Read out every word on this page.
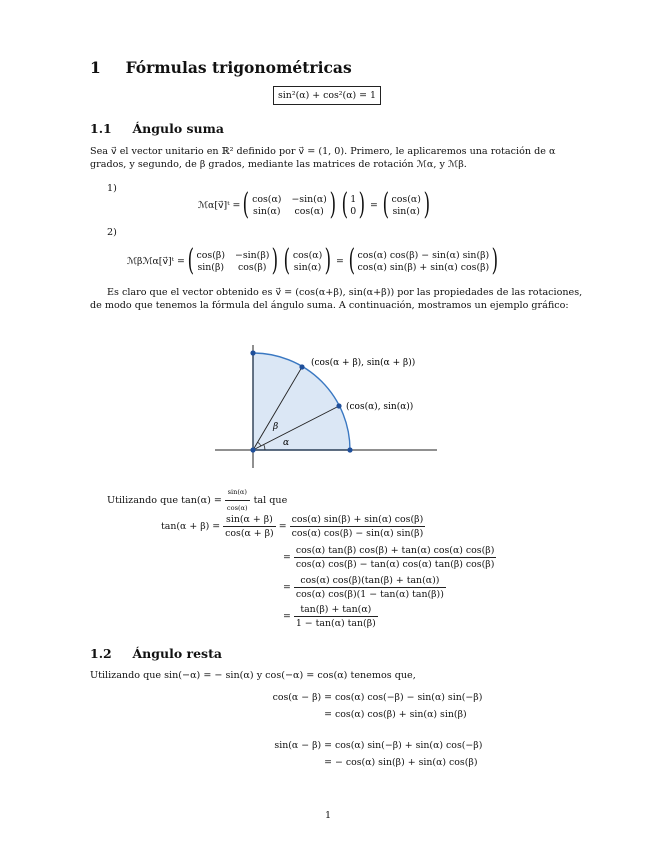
1 Fórmulas trigonométricas
sin²(α) + cos²(α) = 1
1.1 Ángulo suma
Sea v⃗ el vector unitario en ℝ² definido por v⃗ = (1, 0). Primero, le aplicaremos una rotación de α
grados, y segundo, de β grados, mediante las matrices de rotación ℳα, y ℳβ.
1)
ℳα[v⃗]ᵗ = ( cos(α) −sin(α)
sin(α)	cos(α) ) ( 1
0 ) = ( cos(α)
sin(α) )
2)
ℳβℳα[v⃗]ᵗ = ( cos(β) −sin(β)
sin(β)	cos(β) ) ( cos(α)
sin(α) ) = ( cos(α) cos(β) − sin(α) sin(β)
cos(α) sin(β) + sin(α) cos(β) )
Es claro que el vector obtenido es v⃗ = (cos(α+β), sin(α+β)) por las propiedades de las rotaciones,
de modo que tenemos la fórmula del ángulo suma. A continuación, mostramos un ejemplo gráfico:
(cos(α + β), sin(α + β))
(cos(α), sin(α))
β
α
Utilizando que $\tan(\alpha) = \frac{\sin(\alpha)}{\cos(\alpha)}$ tal que
$\tan(\alpha + \beta) = \frac{\sin(\alpha + \beta)}{\cos(\alpha + \beta)} = \frac{\cos(\alpha) \sin(\beta) + \sin(\alpha) \cos(\beta)}{\cos(\alpha) \cos(\beta) - \sin(\alpha) \sin(\beta)}$
= $\frac{\cos(\alpha) \tan(\beta) \cos(\beta) + \tan(\alpha) \cos(\alpha) \cos(\beta)}{\cos(\alpha) \cos(\beta) - \tan(\alpha) \cos(\alpha) \tan(\beta) \cos(\beta)}$
= $\frac{\cos(\alpha) \cos(\beta)(\tan(\beta) + \tan(\alpha))}{\cos(\alpha) \cos(\beta)(1 - \tan(\alpha) \tan(\beta))}$
= $\frac{\tan(\beta) + \tan(\alpha)}{1 - \tan(\alpha) \tan(\beta)}$
1.2 Ángulo resta
Utilizando que sin(−α) = − sin(α) y cos(−α) = cos(α) tenemos que,
cos(α − β) = cos(α) cos(−β) − sin(α) sin(−β)
= cos(α) cos(β) + sin(α) sin(β)
sin(α − β) = cos(α) sin(−β) + sin(α) cos(−β)
= − cos(α) sin(β) + sin(α) cos(β)
1
